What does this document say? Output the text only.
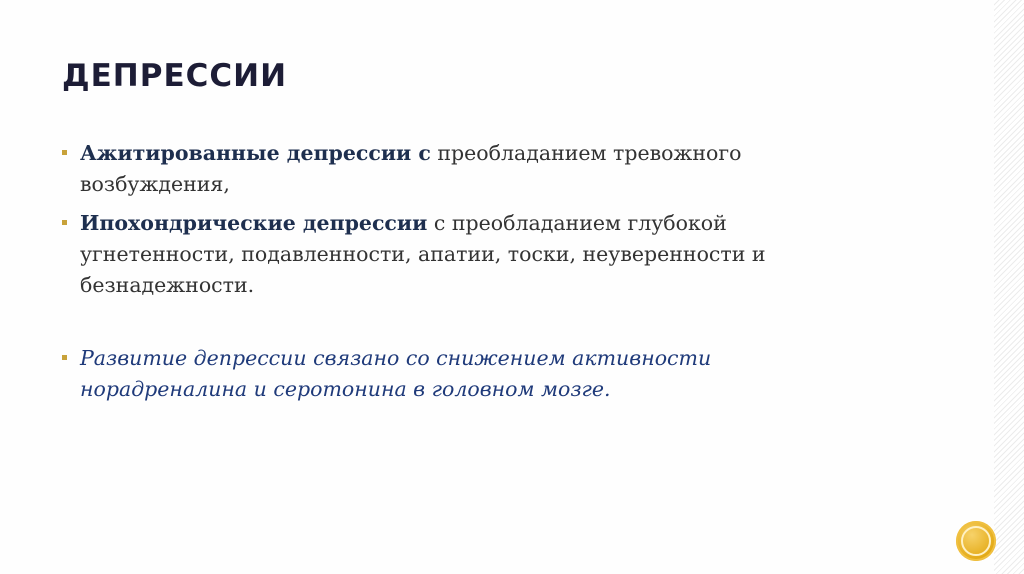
ДЕПРЕССИИ
Ажитированные депрессии с преобладанием тревожного возбуждения,
Ипохондрические депрессии с преобладанием глубокой угнетенности, подавленности, апатии, тоски, неуверенности и безнадежности.
Развитие депрессии связано со снижением активности норадреналина и серотонина в головном мозге.
